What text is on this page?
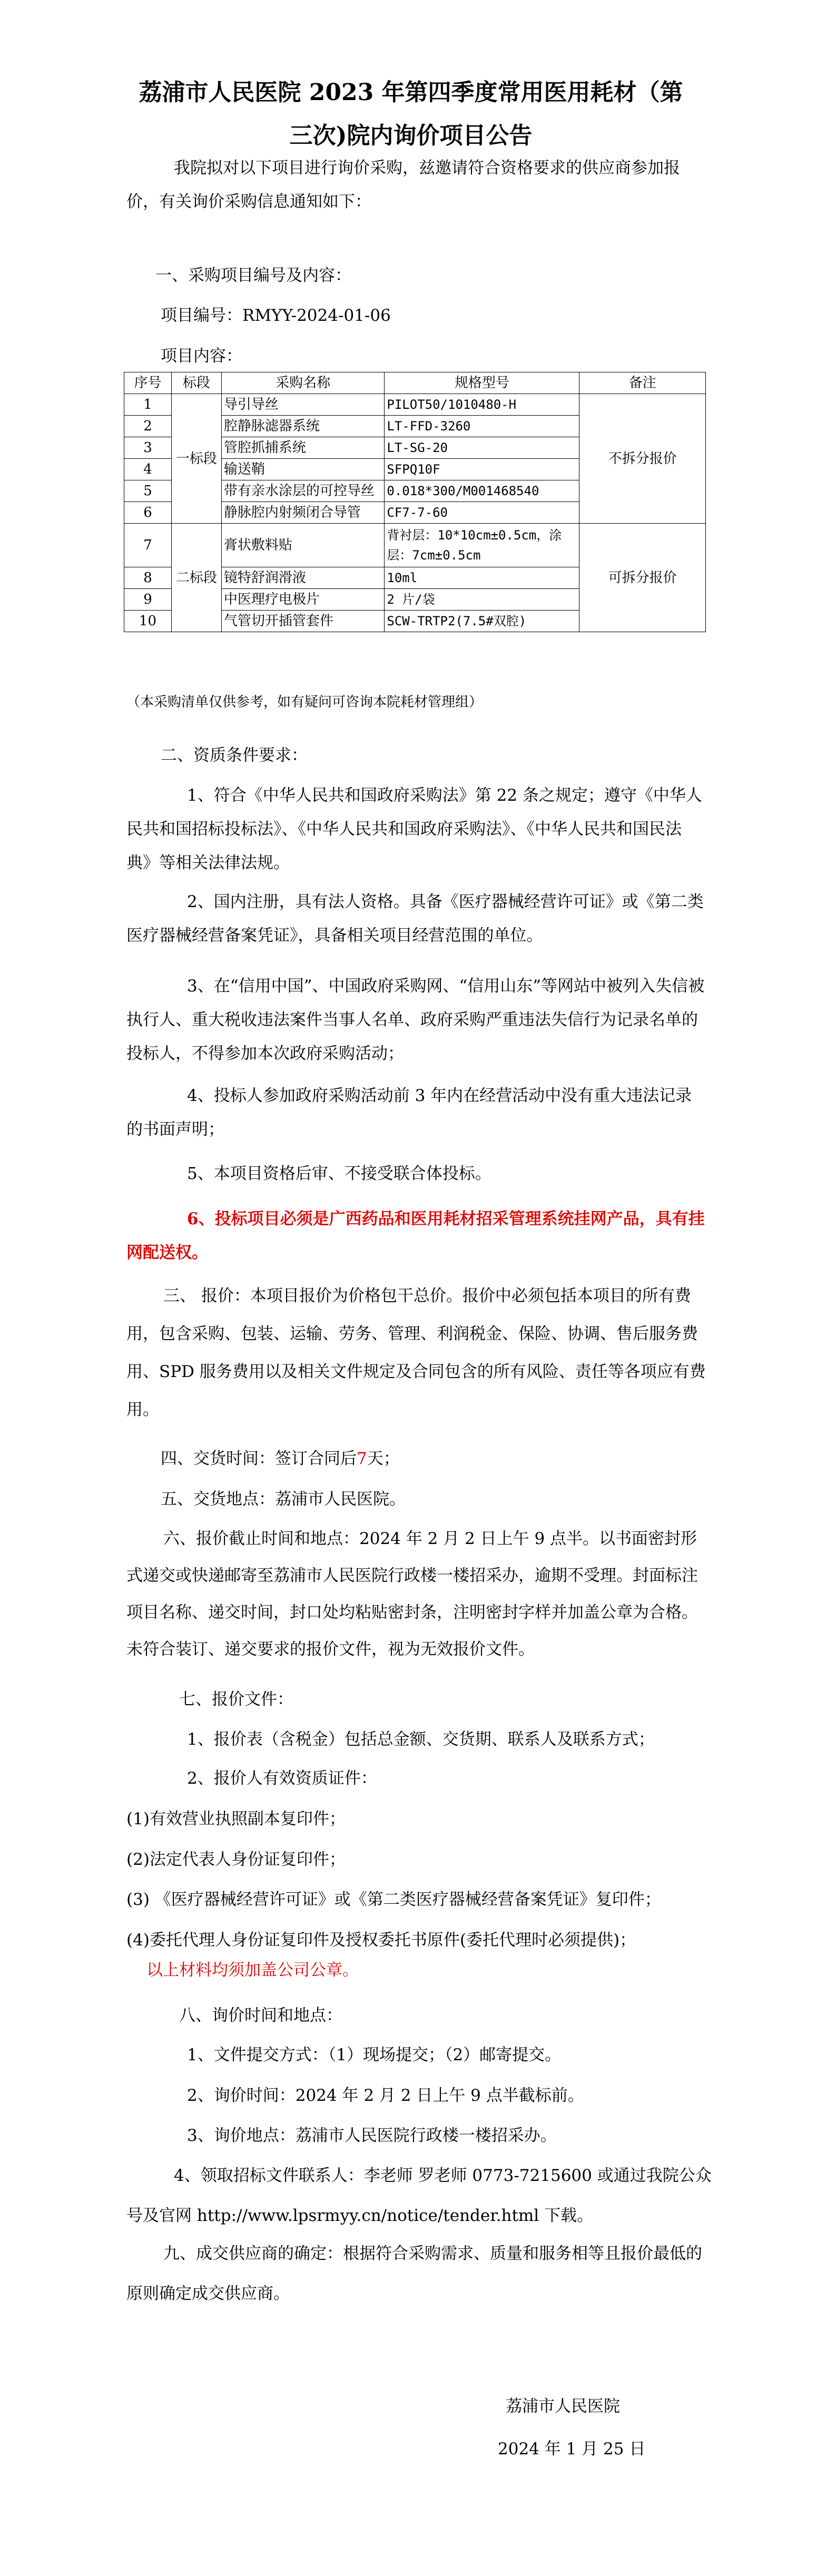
荔浦市人民医院 2023 年第四季度常用医用耗材（第
三次)院内询价项目公告
我院拟对以下项目进行询价采购，兹邀请符合资格要求的供应商参加报
价，有关询价采购信息通知如下：
一、采购项目编号及内容：
项目编号：RMYY-2024-01-06
项目内容：
序号	标段	采购名称	规格型号	备注
1	一标段	导引导丝	PILOT50/1010480-H	不拆分报价
2		腔静脉滤器系统	LT-FFD-3260	
3		管腔抓捕系统	LT-SG-20	
4		输送鞘	SFPQ10F	
5		带有亲水涂层的可控导丝	0.018*300/M001468540	
6		静脉腔内射频闭合导管	CF7-7-60	
7	二标段	膏状敷料贴	背衬层：10*10cm±0.5cm，涂层：7cm±0.5cm	可拆分报价
8		镜特舒润滑液	10ml	
9		中医理疗电极片	2 片/袋	
10		气管切开插管套件	SCW-TRTP2(7.5#双腔)	
（本采购清单仅供参考，如有疑问可咨询本院耗材管理组）
二、资质条件要求：
1、符合《中华人民共和国政府采购法》第 22 条之规定；遵守《中华人民共和国招标投标法》、《中华人民共和国政府采购法》、《中华人民共和国民法典》等相关法律法规。
2、国内注册，具有法人资格。具备《医疗器械经营许可证》或《第二类医疗器械经营备案凭证》，具备相关项目经营范围的单位。
3、在“信用中国”、中国政府采购网、“信用山东”等网站中被列入失信被执行人、重大税收违法案件当事人名单、政府采购严重违法失信行为记录名单的投标人，不得参加本次政府采购活动；
4、投标人参加政府采购活动前 3 年内在经营活动中没有重大违法记录的书面声明；
5、本项目资格后审、不接受联合体投标。
6、投标项目必须是广西药品和医用耗材招采管理系统挂网产品，具有挂网配送权。
三、 报价：本项目报价为价格包干总价。报价中必须包括本项目的所有费用，包含采购、包装、运输、劳务、管理、利润税金、保险、协调、售后服务费用、SPD 服务费用以及相关文件规定及合同包含的所有风险、责任等各项应有费用。
四、交货时间：签订合同后7天；
五、交货地点：荔浦市人民医院。
六、报价截止时间和地点：2024 年 2 月 2 日上午 9 点半。以书面密封形式递交或快递邮寄至荔浦市人民医院行政楼一楼招采办，逾期不受理。封面标注项目名称、递交时间，封口处均粘贴密封条，注明密封字样并加盖公章为合格。未符合装订、递交要求的报价文件，视为无效报价文件。
七、报价文件：
1、报价表（含税金）包括总金额、交货期、联系人及联系方式；
2、报价人有效资质证件：
(1)有效营业执照副本复印件；
(2)法定代表人身份证复印件；
(3) 《医疗器械经营许可证》或《第二类医疗器械经营备案凭证》复印件；
(4)委托代理人身份证复印件及授权委托书原件(委托代理时必须提供)；
以上材料均须加盖公司公章。
八、询价时间和地点：
1、文件提交方式：（1）现场提交；（2）邮寄提交。
2、询价时间：2024 年 2 月 2 日上午 9 点半截标前。
3、询价地点：荔浦市人民医院行政楼一楼招采办。
4、领取招标文件联系人：李老师 罗老师 0773-7215600 或通过我院公众
号及官网 http://www.lpsrmyy.cn/notice/tender.html 下载。
九、成交供应商的确定：根据符合采购需求、质量和服务相等且报价最低的原则确定成交供应商。
荔浦市人民医院
2024 年 1 月 25 日
